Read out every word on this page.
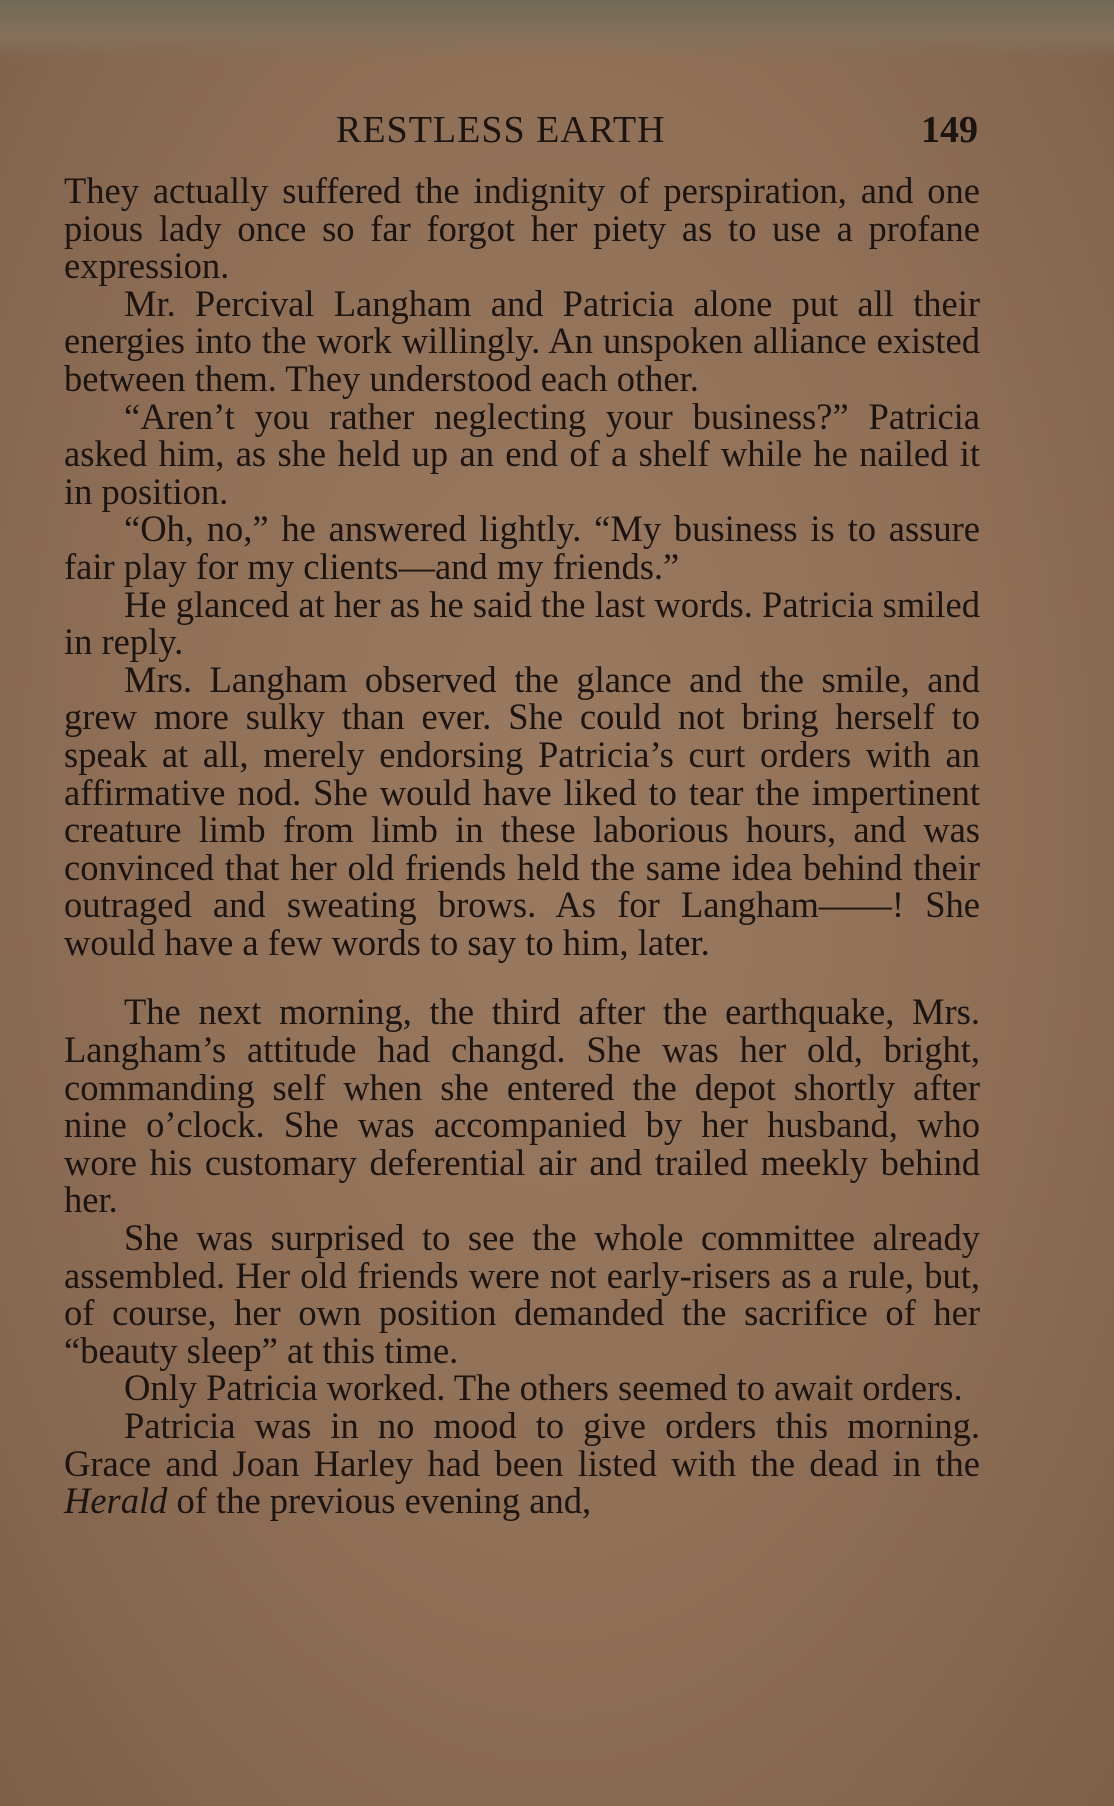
RESTLESS EARTH	149

They actually suffered the indignity of perspiration, and one pious lady once so far forgot her piety as to use a profane expression.

Mr. Percival Langham and Patricia alone put all their energies into the work willingly. An unspoken alliance existed between them. They understood each other.

“Aren’t you rather neglecting your business?” Patricia asked him, as she held up an end of a shelf while he nailed it in position.

“Oh, no,” he answered lightly. “My business is to assure fair play for my clients—and my friends.”

He glanced at her as he said the last words. Patricia smiled in reply.

Mrs. Langham observed the glance and the smile, and grew more sulky than ever. She could not bring herself to speak at all, merely endorsing Patricia’s curt orders with an affirmative nod. She would have liked to tear the impertinent creature limb from limb in these laborious hours, and was convinced that her old friends held the same idea behind their outraged and sweating brows. As for Langham——! She would have a few words to say to him, later.

The next morning, the third after the earthquake, Mrs. Langham’s attitude had changd. She was her old, bright, commanding self when she entered the depot shortly after nine o’clock. She was accompanied by her husband, who wore his customary deferential air and trailed meekly behind her.

She was surprised to see the whole committee already assembled. Her old friends were not early-risers as a rule, but, of course, her own position demanded the sacrifice of her “beauty sleep” at this time.

Only Patricia worked. The others seemed to await orders.

Patricia was in no mood to give orders this morning. Grace and Joan Harley had been listed with the dead in the Herald of the previous evening and,
